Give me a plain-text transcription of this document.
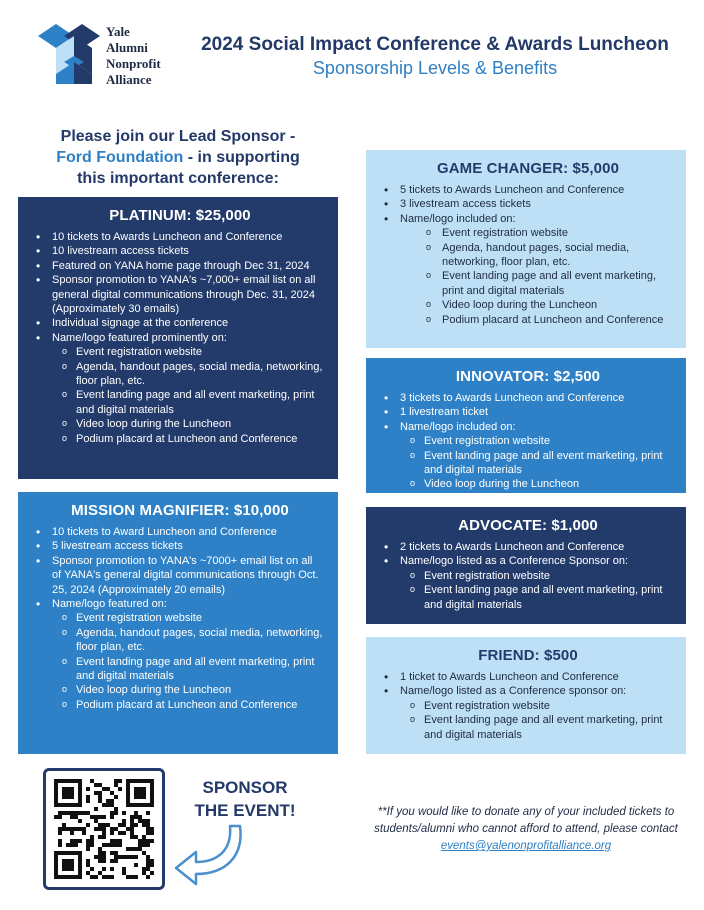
Yale
Alumni
Nonprofit
Alliance
2024 Social Impact Conference & Awards Luncheon
Sponsorship Levels & Benefits
Please join our Lead Sponsor -
Ford Foundation - in supporting this important conference:
PLATINUM: $25,000
• 10 tickets to Awards Luncheon and Conference
• 10 livestream access tickets
• Featured on YANA home page through Dec 31, 2024
• Sponsor promotion to YANA's ~7,000+ email list on all general digital communications through Dec. 31, 2024 (Approximately 30 emails)
• Individual signage at the conference
• Name/logo featured prominently on:
o Event registration website
o Agenda, handout pages, social media, networking, floor plan, etc.
o Event landing page and all event marketing, print and digital materials
o Video loop during the Luncheon
o Podium placard at Luncheon and Conference
MISSION MAGNIFIER: $10,000
• 10 tickets to Award Luncheon and Conference
• 5 livestream access tickets
• Sponsor promotion to YANA's ~7000+ email list on all of YANA's general digital communications through Oct. 25, 2024 (Approximately 20 emails)
• Name/logo featured on:
o Event registration website
o Agenda, handout pages, social media, networking, floor plan, etc.
o Event landing page and all event marketing, print and digital materials
o Video loop during the Luncheon
o Podium placard at Luncheon and Conference
GAME CHANGER: $5,000
• 5 tickets to Awards Luncheon and Conference
• 3 livestream access tickets
• Name/logo included on:
o Event registration website
o Agenda, handout pages, social media, networking, floor plan, etc.
o Event landing page and all event marketing, print and digital materials
o Video loop during the Luncheon
o Podium placard at Luncheon and Conference
INNOVATOR: $2,500
• 3 tickets to Awards Luncheon and Conference
• 1 livestream ticket
• Name/logo included on:
o Event registration website
o Event landing page and all event marketing, print and digital materials
o Video loop during the Luncheon
ADVOCATE: $1,000
• 2 tickets to Awards Luncheon and Conference
• Name/logo listed as a Conference Sponsor on:
o Event registration website
o Event landing page and all event marketing, print and digital materials
FRIEND: $500
• 1 ticket to Awards Luncheon and Conference
• Name/logo listed as a Conference sponsor on:
o Event registration website
o Event landing page and all event marketing, print and digital materials
SPONSOR
THE EVENT!	**If you would like to donate any of your included tickets to students/alumni who cannot afford to attend, please contact events@yalenonprofitalliance.org
